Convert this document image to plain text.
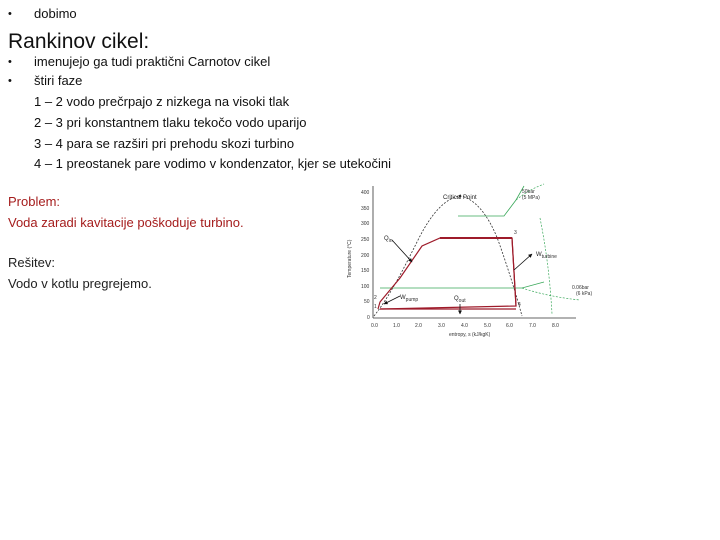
• dobimo
Rankinov cikel:
• imenujejo ga tudi praktični Carnotov cikel
• štiri faze
1 – 2 vodo prečrpajo z nizkega na visoki tlak
2 – 3 pri konstantnem tlaku tekočo vodo uparijo
3 – 4 para se razširi pri prehodu skozi turbino
4 – 1 preostanek pare vodimo v kondenzator, kjer se utekočini
Problem:
Voda zaradi kavitacije poškoduje turbino.
Rešitev:
Vodo v kotlu pregrejemo.
400
350
300
250
200
150
100
50
0
Temperature (°C)
0.0	1.0	2.0	3.0	4.0	5.0	6.0	7.0	8.0
entropy, s (kJ/kgK)
Critical Point
1
2
3
4
50bar
(5 MPa)
0.06bar
(6 kPa)
$Q_{in}$
$W_{turbine}$
$Q_{out}$
$W_{pump}$
